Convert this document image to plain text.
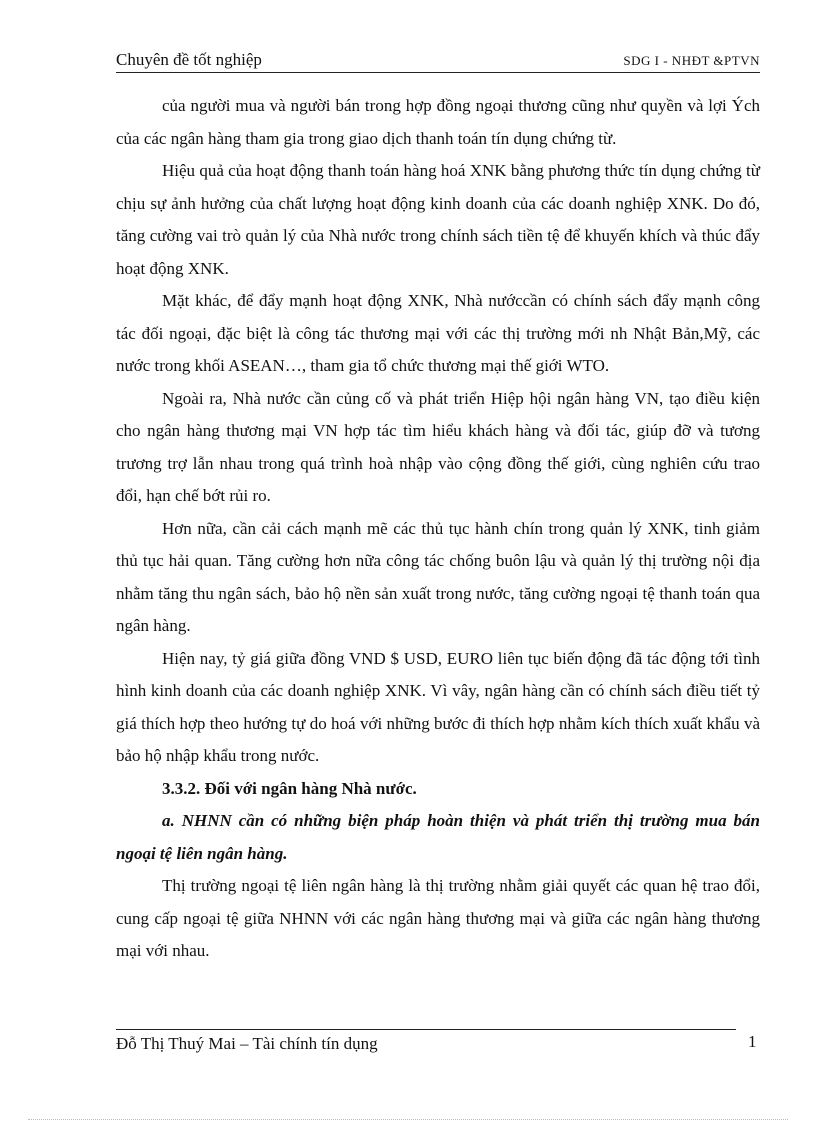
Chuyên đề tốt nghiệp	SDG I - NHĐT &PTVN

của người mua và người bán trong hợp đồng ngoại thương cũng như quyền và lợi Ých của các ngân hàng tham gia trong giao dịch thanh toán tín dụng chứng từ.

Hiệu quả của hoạt động thanh toán hàng hoá XNK bằng phương thức tín dụng chứng từ chịu sự ảnh hưởng của chất lượng hoạt động kinh doanh của các doanh nghiệp XNK. Do đó, tăng cường vai trò quản lý của Nhà nước trong chính sách tiền tệ để khuyến khích và thúc đẩy hoạt động XNK.

Mặt khác, để đẩy mạnh hoạt động XNK, Nhà nướccần có chính sách đẩy mạnh công tác đối ngoại, đặc biệt là công tác thương mại với các thị trường mới nh Nhật Bản,Mỹ, các nước trong khối ASEAN…, tham gia tổ chức thương mại thế giới WTO.

Ngoài ra, Nhà nước cần củng cố và phát triển Hiệp hội ngân hàng VN, tạo điều kiện cho ngân hàng thương mại VN hợp tác tìm hiểu khách hàng và đối tác, giúp đỡ và tương trương trợ lẫn nhau trong quá trình hoà nhập vào cộng đồng thế giới, cùng nghiên cứu trao đổi, hạn chế bớt rủi ro.

Hơn nữa, cần cải cách mạnh mẽ các thủ tục hành chín trong quản lý XNK, tinh giảm thủ tục hải quan. Tăng cường hơn nữa công tác chống buôn lậu và quản lý thị trường nội địa nhằm tăng thu ngân sách, bảo hộ nền sản xuất trong nước, tăng cường ngoại tệ thanh toán qua ngân hàng.

Hiện nay, tỷ giá giữa đồng VND $ USD, EURO liên tục biến động đã tác động tới tình hình kinh doanh của các doanh nghiệp XNK. Vì vây, ngân hàng cần có chính sách điều tiết tỷ giá thích hợp theo hướng tự do hoá với những bước đi thích hợp nhằm kích thích xuất khẩu và bảo hộ nhập khẩu trong nước.

3.3.2. Đối với ngân hàng Nhà nước.

a. NHNN cần có những biện pháp hoàn thiện và phát triển thị trường mua bán ngoại tệ liên ngân hàng.

Thị trường ngoại tệ liên ngân hàng là thị trường nhằm giải quyết các quan hệ trao đổi, cung cấp ngoại tệ giữa NHNN với các ngân hàng thương mại và giữa các ngân hàng thương mại với nhau.

Đỗ Thị Thuý Mai – Tài chính tín dụng	1
